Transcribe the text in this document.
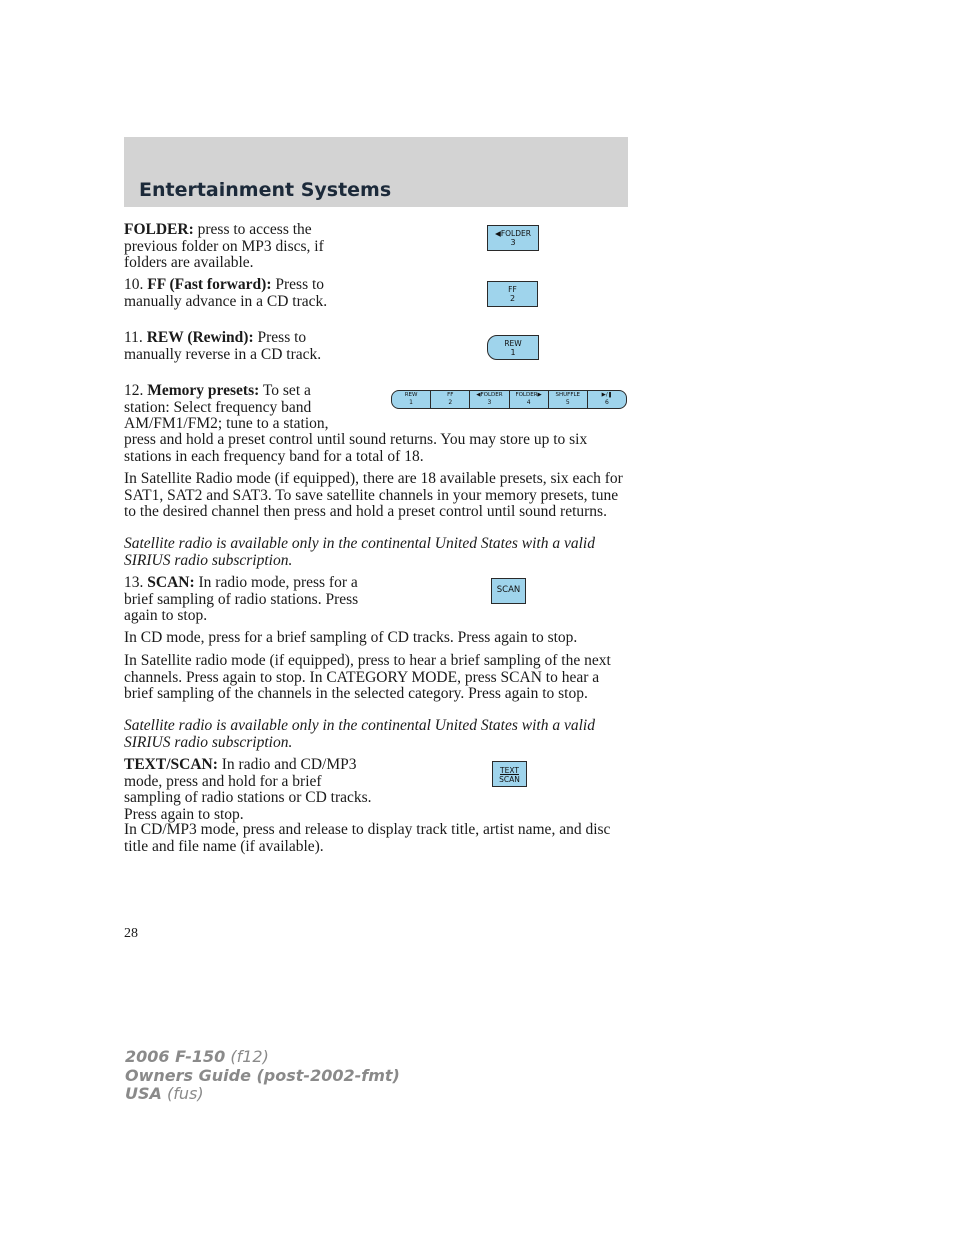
Entertainment Systems
FOLDER: press to access the previous folder on MP3 discs, if folders are available.
◀FOLDER
3
10. FF (Fast forward): Press to manually advance in a CD track.
FF
2
11. REW (Rewind): Press to manually reverse in a CD track.
REW
1
12. Memory presets: To set a station: Select frequency band AM/FM1/FM2; tune to a station,
REW
1
FF
2
◀FOLDER
3
FOLDER▶
4
SHUFFLE
5
▶/❚
6
press and hold a preset control until sound returns. You may store up to six stations in each frequency band for a total of 18.
In Satellite Radio mode (if equipped), there are 18 available presets, six each for SAT1, SAT2 and SAT3. To save satellite channels in your memory presets, tune to the desired channel then press and hold a preset control until sound returns.
Satellite radio is available only in the continental United States with a valid SIRIUS radio subscription.
13. SCAN: In radio mode, press for a brief sampling of radio stations. Press again to stop.
SCAN
In CD mode, press for a brief sampling of CD tracks. Press again to stop.
In Satellite radio mode (if equipped), press to hear a brief sampling of the next channels. Press again to stop. In CATEGORY MODE, press SCAN to hear a brief sampling of the channels in the selected category. Press again to stop.
Satellite radio is available only in the continental United States with a valid SIRIUS radio subscription.
TEXT/SCAN: In radio and CD/MP3 mode, press and hold for a brief sampling of radio stations or CD tracks. Press again to stop.
TEXT
SCAN
In CD/MP3 mode, press and release to display track title, artist name, and disc title and file name (if available).
28
2006 F-150 (f12)
Owners Guide (post-2002-fmt)
USA (fus)
